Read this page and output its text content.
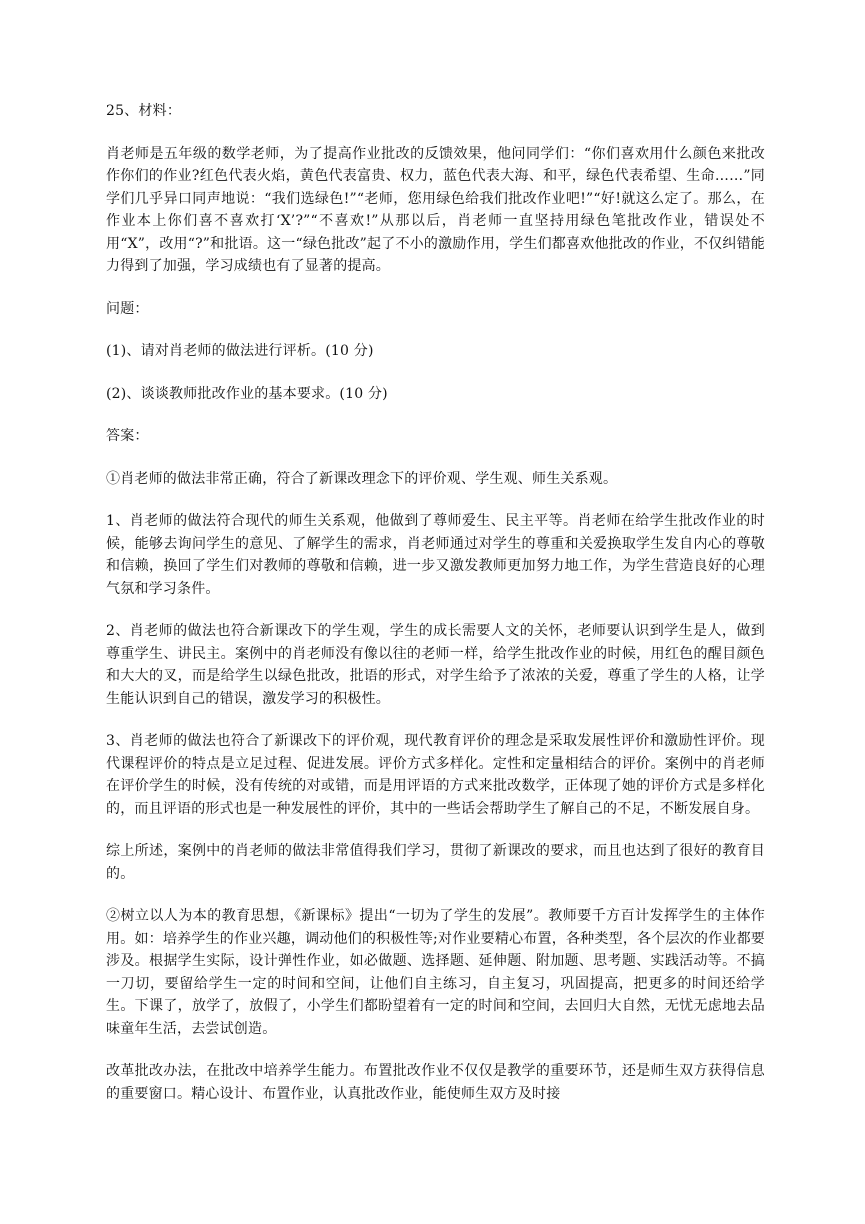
25、材料：

肖老师是五年级的数学老师，为了提高作业批改的反馈效果，他问同学们：“你们喜欢用什么颜色来批改作你们的作业?红色代表火焰，黄色代表富贵、权力，蓝色代表大海、和平，绿色代表希望、生命……”同学们几乎异口同声地说：“我们选绿色!”“老师，您用绿色给我们批改作业吧!”“好!就这么定了。那么，在作业本上你们喜不喜欢打‘X’?”“不喜欢!”从那以后，肖老师一直坚持用绿色笔批改作业，错误处不用“X”，改用“?”和批语。这一“绿色批改”起了不小的激励作用，学生们都喜欢他批改的作业，不仅纠错能力得到了加强，学习成绩也有了显著的提高。

问题：

(1)、请对肖老师的做法进行评析。(10 分)

(2)、谈谈教师批改作业的基本要求。(10 分)

答案：

①肖老师的做法非常正确，符合了新课改理念下的评价观、学生观、师生关系观。

1、肖老师的做法符合现代的师生关系观，他做到了尊师爱生、民主平等。肖老师在给学生批改作业的时候，能够去询问学生的意见、了解学生的需求，肖老师通过对学生的尊重和关爱换取学生发自内心的尊敬和信赖，换回了学生们对教师的尊敬和信赖，进一步又激发教师更加努力地工作，为学生营造良好的心理气氛和学习条件。

2、肖老师的做法也符合新课改下的学生观，学生的成长需要人文的关怀，老师要认识到学生是人，做到尊重学生、讲民主。案例中的肖老师没有像以往的老师一样，给学生批改作业的时候，用红色的醒目颜色和大大的叉，而是给学生以绿色批改，批语的形式，对学生给予了浓浓的关爱，尊重了学生的人格，让学生能认识到自己的错误，激发学习的积极性。

3、肖老师的做法也符合了新课改下的评价观，现代教育评价的理念是采取发展性评价和激励性评价。现代课程评价的特点是立足过程、促进发展。评价方式多样化。定性和定量相结合的评价。案例中的肖老师在评价学生的时候，没有传统的对或错，而是用评语的方式来批改数学，正体现了她的评价方式是多样化的，而且评语的形式也是一种发展性的评价，其中的一些话会帮助学生了解自己的不足，不断发展自身。

综上所述，案例中的肖老师的做法非常值得我们学习，贯彻了新课改的要求，而且也达到了很好的教育目的。

②树立以人为本的教育思想，《新课标》提出“一切为了学生的发展”。教师要千方百计发挥学生的主体作用。如：培养学生的作业兴趣，调动他们的积极性等;对作业要精心布置，各种类型，各个层次的作业都要涉及。根据学生实际，设计弹性作业，如必做题、选择题、延伸题、附加题、思考题、实践活动等。不搞一刀切，要留给学生一定的时间和空间，让他们自主练习，自主复习，巩固提高，把更多的时间还给学生。下课了，放学了，放假了，小学生们都盼望着有一定的时间和空间，去回归大自然，无忧无虑地去品味童年生活，去尝试创造。

改革批改办法，在批改中培养学生能力。布置批改作业不仅仅是教学的重要环节，还是师生双方获得信息的重要窗口。精心设计、布置作业，认真批改作业，能使师生双方及时接
